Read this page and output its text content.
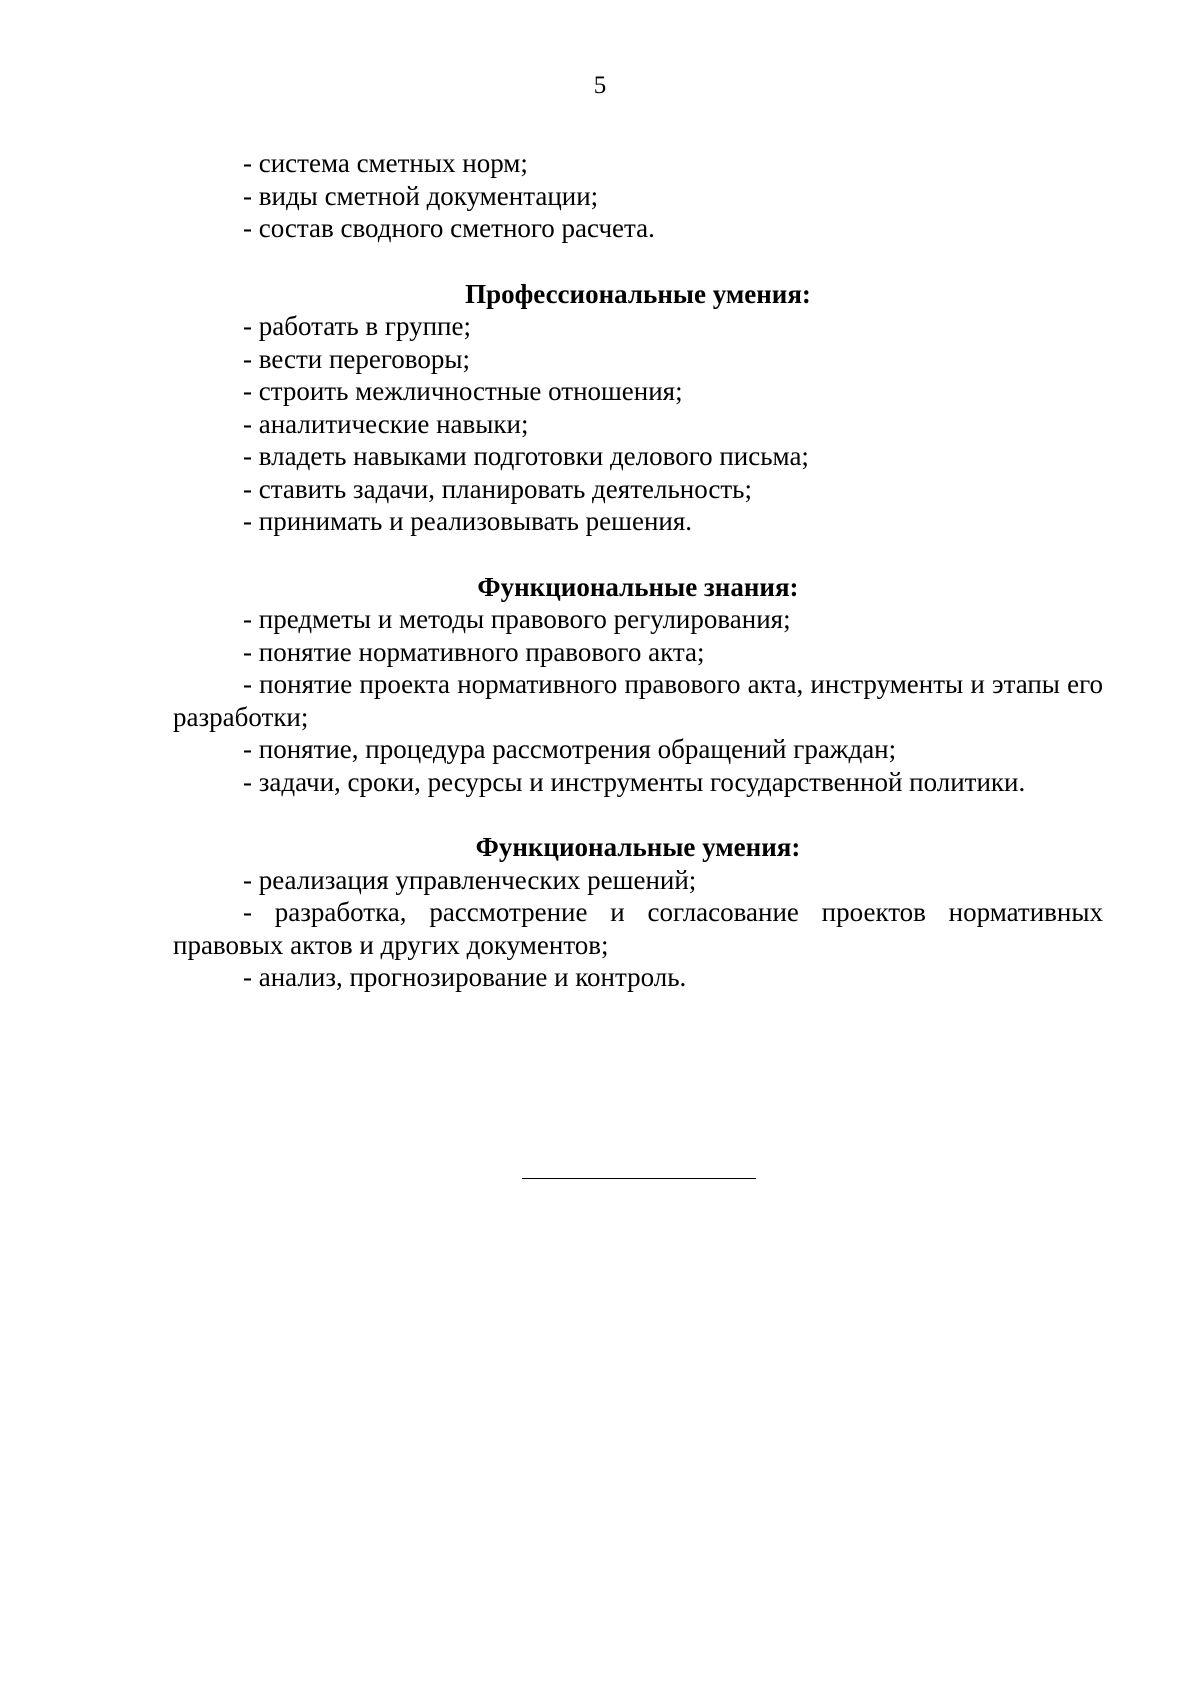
5

- система сметных норм;

- виды сметной документации;

- состав сводного сметного расчета.

Профессиональные умения:

- работать в группе;

- вести переговоры;

- строить межличностные отношения;

- аналитические навыки;

- владеть навыками подготовки делового письма;

- ставить задачи, планировать деятельность;

- принимать и реализовывать решения.

Функциональные знания:

- предметы и методы правового регулирования;

- понятие нормативного правового акта;

- понятие проекта нормативного правового акта, инструменты и этапы его разработки;

- понятие, процедура рассмотрения обращений граждан;

- задачи, сроки, ресурсы и инструменты государственной политики.

Функциональные умения:

- реализация управленческих решений;

- разработка, рассмотрение и согласование проектов нормативных правовых актов и других документов;

- анализ, прогнозирование и контроль.
